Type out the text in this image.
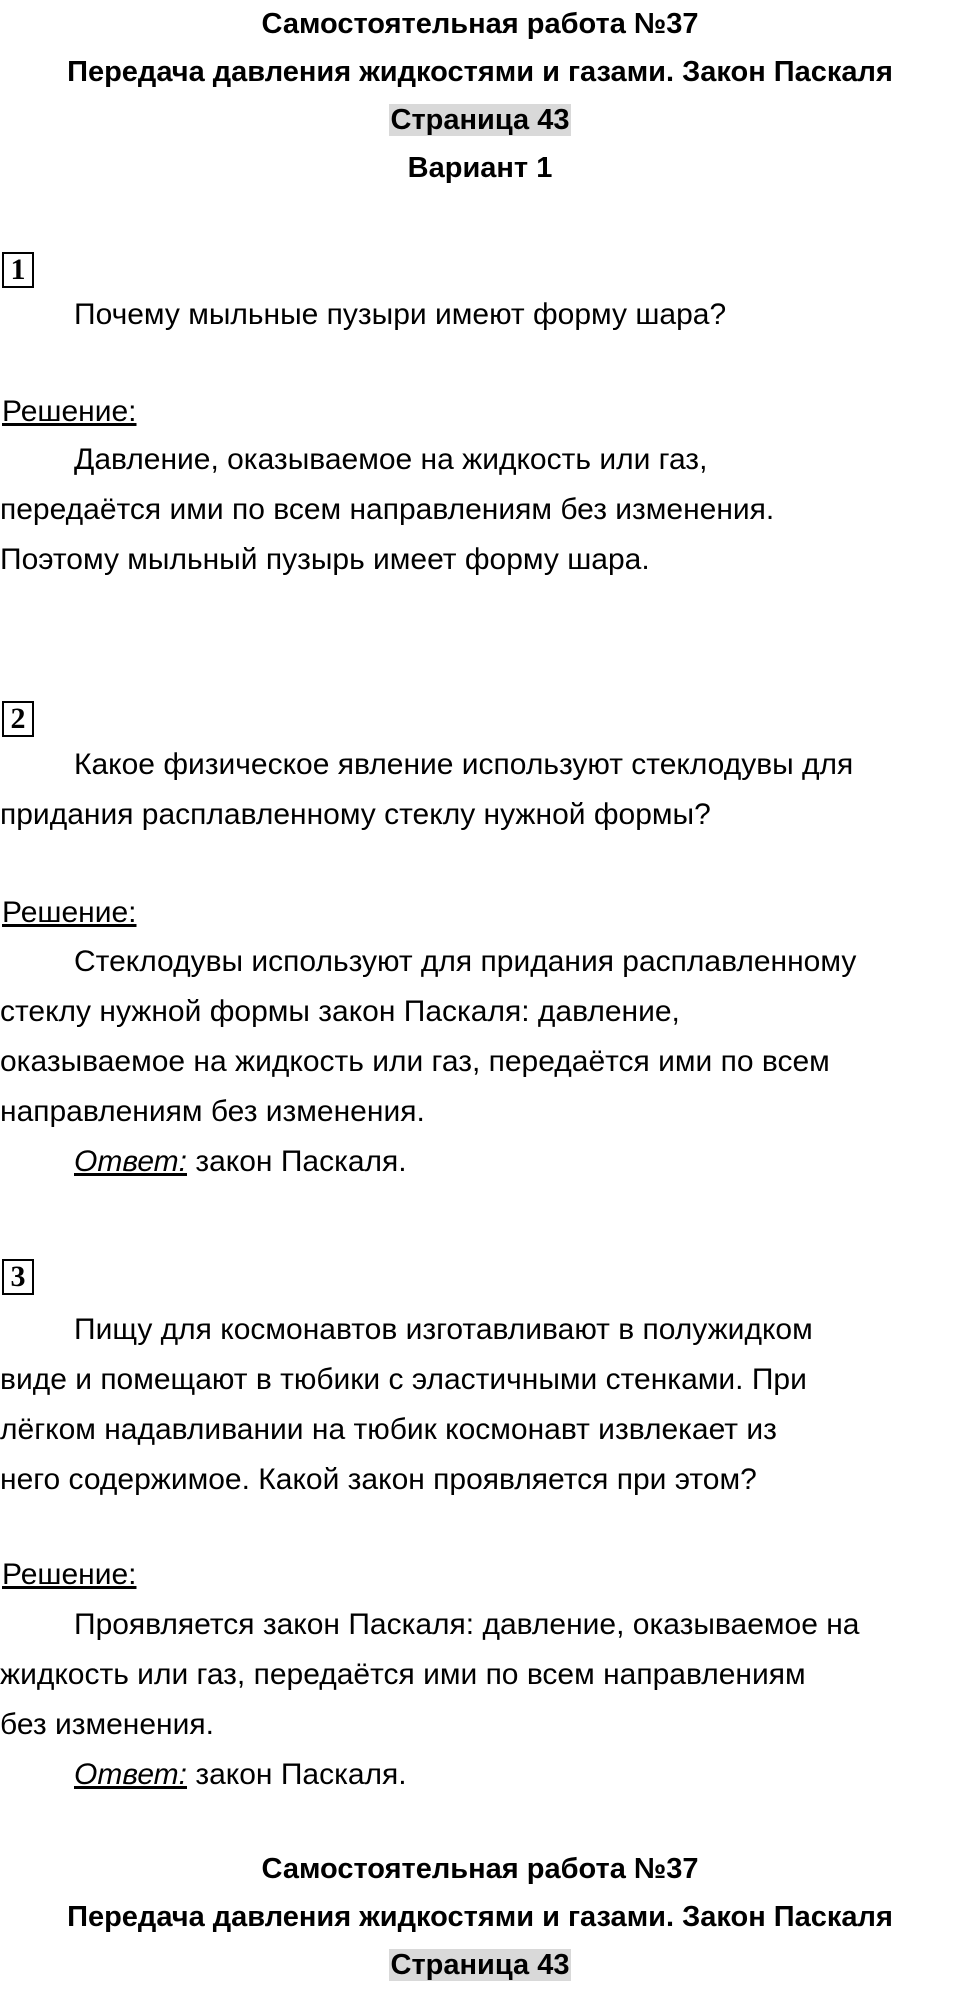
Самостоятельная работа №37
Передача давления жидкостями и газами. Закон Паскаля
Страница 43
Вариант 1
1
Почему мыльные пузыри имеют форму шара?
Решение:
Давление, оказываемое на жидкость или газ,
передаётся ими по всем направлениям без изменения.
Поэтому мыльный пузырь имеет форму шара.
2
Какое физическое явление используют стеклодувы для
придания расплавленному стеклу нужной формы?
Решение:
Стеклодувы используют для придания расплавленному
стеклу нужной формы закон Паскаля: давление,
оказываемое на жидкость или газ, передаётся ими по всем
направлениям без изменения.
Ответ: закон Паскаля.
3
Пищу для космонавтов изготавливают в полужидком
виде и помещают в тюбики с эластичными стенками. При
лёгком надавливании на тюбик космонавт извлекает из
него содержимое. Какой закон проявляется при этом?
Решение:
Проявляется закон Паскаля: давление, оказываемое на
жидкость или газ, передаётся ими по всем направлениям
без изменения.
Ответ: закон Паскаля.
Самостоятельная работа №37
Передача давления жидкостями и газами. Закон Паскаля
Страница 43
